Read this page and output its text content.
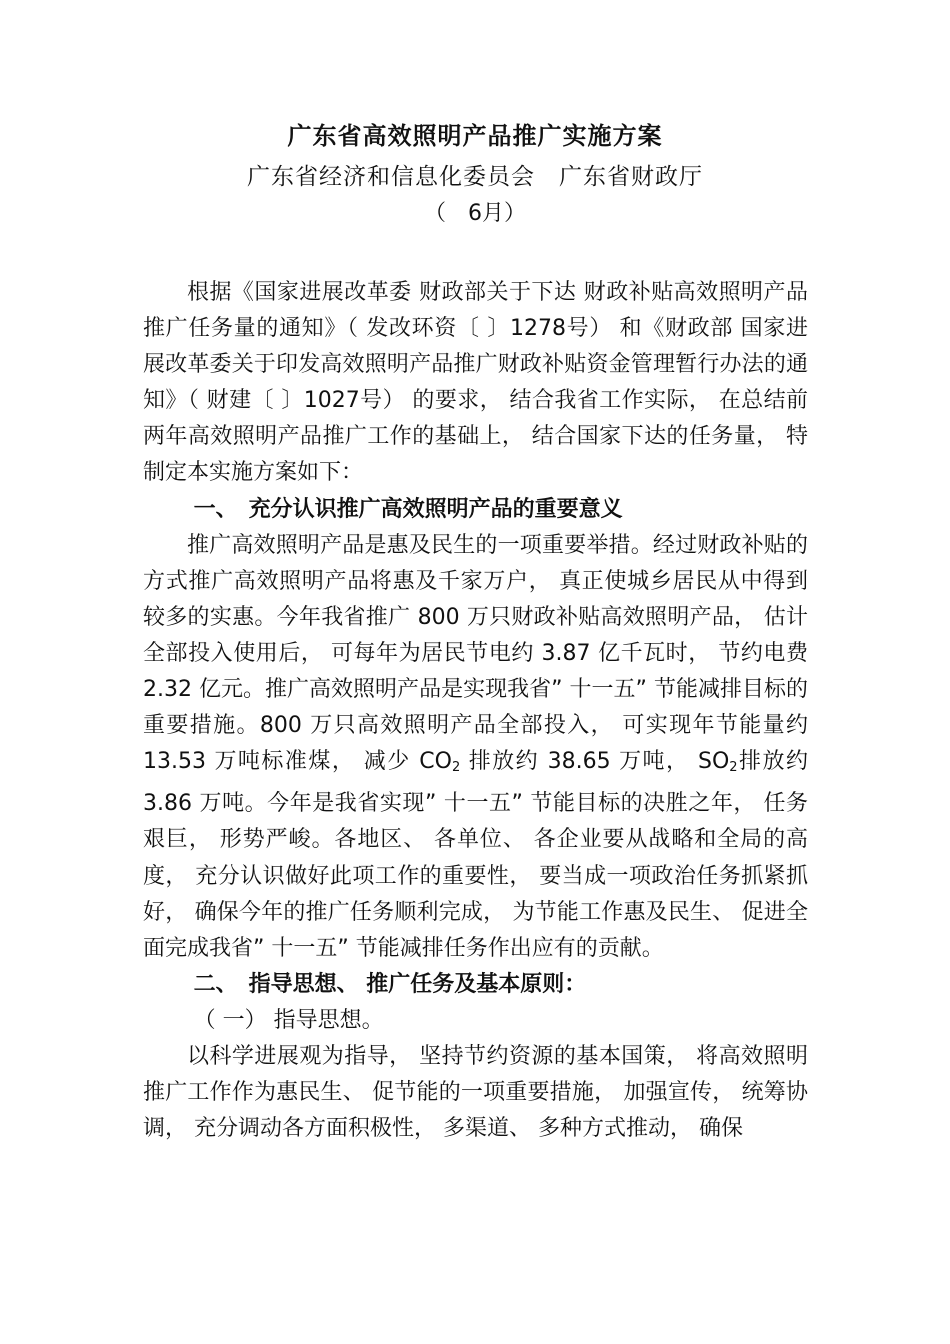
广东省高效照明产品推广实施方案
广东省经济和信息化委员会　广东省财政厅
（　6月）

根据《国家进展改革委 财政部关于下达 财政补贴高效照明产品推广任务量的通知》（ 发改环资〔 〕1278号） 和《财政部 国家进展改革委关于印发高效照明产品推广财政补贴资金管理暂行办法的通知》（ 财建〔 〕1027号） 的要求， 结合我省工作实际， 在总结前两年高效照明产品推广工作的基础上， 结合国家下达的任务量， 特制定本实施方案如下：

一、　充分认识推广高效照明产品的重要意义

推广高效照明产品是惠及民生的一项重要举措。经过财政补贴的方式推广高效照明产品将惠及千家万户， 真正使城乡居民从中得到较多的实惠。今年我省推广 800 万只财政补贴高效照明产品， 估计全部投入使用后， 可每年为居民节电约 3.87 亿千瓦时， 节约电费 2.32 亿元。推广高效照明产品是实现我省” 十一五” 节能减排目标的重要措施。800 万只高效照明产品全部投入， 可实现年节能量约 13.53 万吨标准煤， 减少 $CO_2$ 排放约 38.65 万吨， $SO_2$排放约 3.86 万吨。今年是我省实现” 十一五” 节能目标的决胜之年， 任务艰巨， 形势严峻。各地区、 各单位、 各企业要从战略和全局的高度， 充分认识做好此项工作的重要性， 要当成一项政治任务抓紧抓好， 确保今年的推广任务顺利完成， 为节能工作惠及民生、 促进全面完成我省” 十一五” 节能减排任务作出应有的贡献。

二、　指导思想、 推广任务及基本原则：

（ 一） 指导思想。

以科学进展观为指导， 坚持节约资源的基本国策， 将高效照明推广工作作为惠民生、 促节能的一项重要措施， 加强宣传， 统筹协调， 充分调动各方面积极性， 多渠道、 多种方式推动， 确保
